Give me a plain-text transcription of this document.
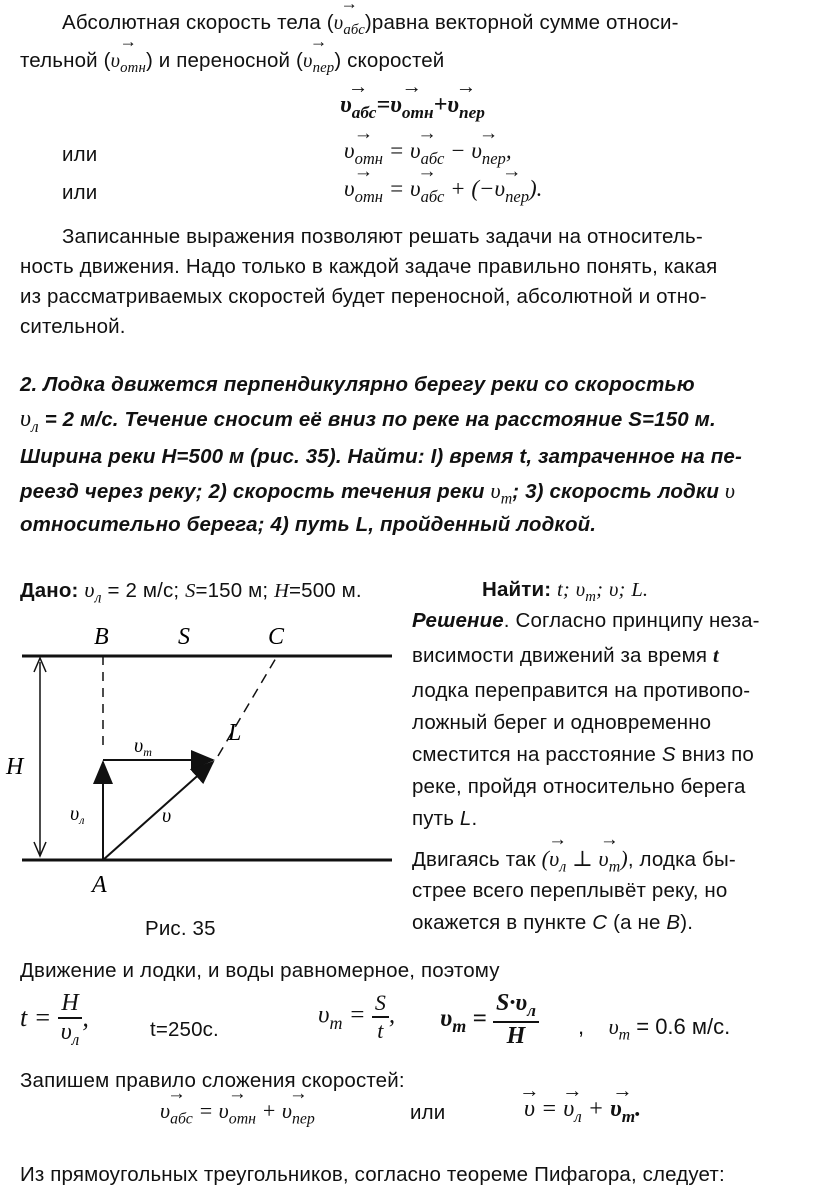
Абсолютная скорость тела (→ $\upsilon_{абс})равна$ векторной сумме относи-
тельной (→ $\upsilon_{отн}$) и переносной (→ $\upsilon_{пер}$) скоростей
→ $\upsilon_{абс}=\to \upsilon_{отн}+\to \upsilon_{пер}$
или	→ $\upsilon_{отн}$ = → $\upsilon_{абс}$ − → $\upsilon_{пер}$,
или	→ $\upsilon_{отн}$ = → $\upsilon_{абс}$ + (−→ $\upsilon_{пер}$).
Записанные выражения позволяют решать задачи на относитель-
ность движения. Надо только в каждой задаче правильно понять, какая
из рассматриваемых скоростей будет переносной, абсолютной и отно-
сительной.
2. Лодка движется перпендикулярно берегу реки со скоростью
$\upsilon_л = 2$ м/с. Течение сносит её вниз по реке на расстояние S=150 м.
Ширина реки H=500 м (рис. 35). Найти: I) время t, затраченное на пе-
реезд через реку; 2) скорость течения реки $\upsilon_т$; 3) скорость лодки υ
относительно берега; 4) путь L, пройденный лодкой.
Дано: $\upsilon_л = 2$ м/с; S=150 м; H=500 м.	Найти: t; $\upsilon_т$; υ; L.
B	S	C
H
L
A
$\upsilon_m$
$\upsilon_л$	υ
Рис. 35
Решение. Согласно принципу неза-
висимости движений за время t
лодка переправится на противопо-
ложный берег и одновременно
сместится на расстояние S вниз по
реке, пройдя относительно берега
путь L.
Двигаясь так (→ $\upsilon_л$ ⊥ → $\upsilon_т$), лодка бы-
стрее всего переплывёт реку, но
окажется в пункте C (а не B).
Движение и лодки, и воды равномерное, поэтому
$t = \frac{H}{\upsilon_л}$ ,	t=250с.
$\upsilon_m = \frac{S}{t}$ , $\upsilon_m = \frac{S\cdot\upsilon_л}{H}$ ,    $\upsilon_m = 0.6$ м/с.
Запишем правило сложения скоростей:
→ $\upsilon_{абс}$ = → $\upsilon_{отн}$ + → $\upsilon_{пер}$	или	→ υ = → $\upsilon_л$ + → $\upsilon_m$.
Из прямоугольных треугольников, согласно теореме Пифагора, следует:
